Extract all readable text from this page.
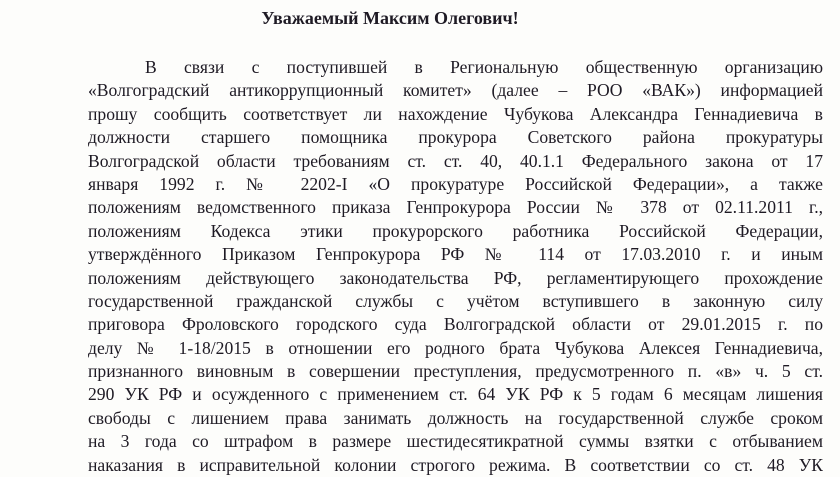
Уважаемый Максим Олегович!
В связи с поступившей в Региональную общественную организацию
«Волгоградский антикоррупционный комитет» (далее – РОО «ВАК») информацией
прошу сообщить соответствует ли нахождение Чубукова Александра Геннадиевича в
должности старшего помощника прокурора Советского района прокуратуры
Волгоградской области требованиям ст. ст. 40, 40.1.1 Федерального закона от 17
января 1992 г. № 2202-I «О прокуратуре Российской Федерации», а также
положениям ведомственного приказа Генпрокурора России № 378 от 02.11.2011 г.,
положениям Кодекса этики прокурорского работника Российской Федерации,
утверждённого Приказом Генпрокурора РФ № 114 от 17.03.2010 г. и иным
положениям действующего законодательства РФ, регламентирующего прохождение
государственной гражданской службы с учётом вступившего в законную силу
приговора Фроловского городского суда Волгоградской области от 29.01.2015 г. по
делу № 1-18/2015 в отношении его родного брата Чубукова Алексея Геннадиевича,
признанного виновным в совершении преступления, предусмотренного п. «в» ч. 5 ст.
290 УК РФ и осужденного с применением ст. 64 УК РФ к 5 годам 6 месяцам лишения
свободы с лишением права занимать должность на государственной службе сроком
на 3 года со штрафом в размере шестидесятикратной суммы взятки с отбыванием
наказания в исправительной колонии строгого режима. В соответствии со ст. 48 УК
